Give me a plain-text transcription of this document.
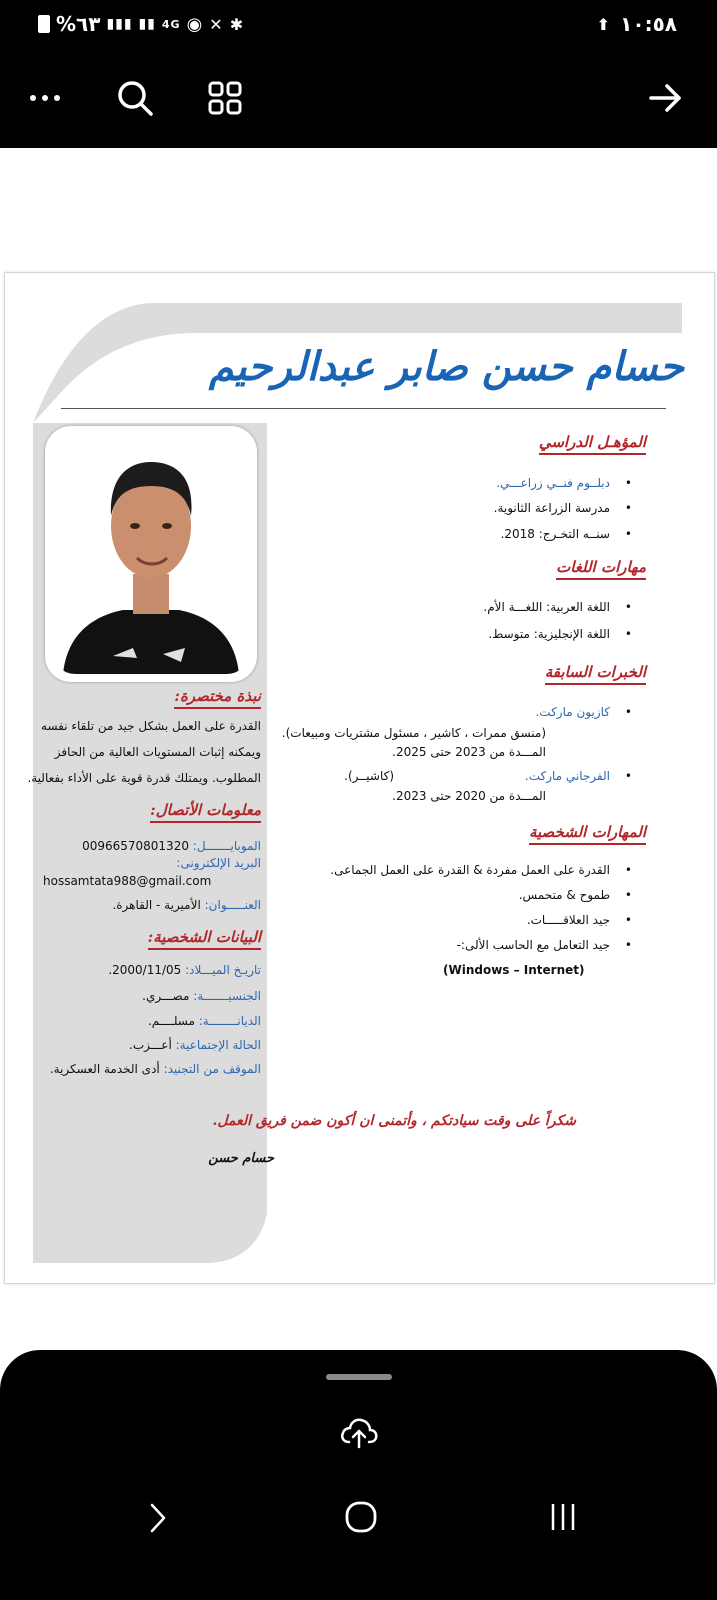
%٦٣ ▮▮▮ ▮▮ 4G ◉ ✕ ✱	⬆ ١٠:٥٨
حسام حسن صابر عبدالرحيم
المؤهـل الدراسي
• دبلــوم فنــي زراعـــي.
• مدرسة الزراعة الثانوية.
• سنــه التخـرج: 2018.
مهارات اللغات
• اللغة العربية: اللغـــة الأم.
• اللغة الإنجليزية: متوسط.
الخبرات السابقة
• كازيون ماركت.
(منسق ممرات ، كاشير ، مسئول مشتريات ومبيعات).
المـــدة من 2023 حتى 2025.
• الفرجاني ماركت.
(كاشيــر).
المـــدة من 2020 حتى 2023.
المهارات الشخصية
• القدرة على العمل مفردة & القدرة على العمل الجماعى.
• طموح & متحمس.
• جيد العلاقـــــات.
• جيد التعامل مع الحاسب الألى:-
(Windows – Internet)
نبذة مختصرة:
القدرة على العمل بشكل جيد من تلقاء نفسه
ويمكنه إثبات المستويات العالية من الحافز
المطلوب. ويمتلك قدرة قوية على الأداء بفعالية.
معلومات الأتصال:
الموبايـــــــل: 00966570801320
البريد الإلكترونى:
hossamtata988@gmail.com
العنـــــوان: الأميرية - القاهرة.
البيانات الشخصية:
تاريـخ الميـــلاد: 2000/11/05.
الجنسيـــــــة: مصـــري.
الديانــــــــة: مسلــــم.
الحالة الإجتماعية: أعـــزب.
الموقف من التجنيد: أدى الخدمة العسكرية.
شكراً على وقت سيادتكم ، وأتمنى ان أكون ضمن فريق العمل.
حسام حسن
